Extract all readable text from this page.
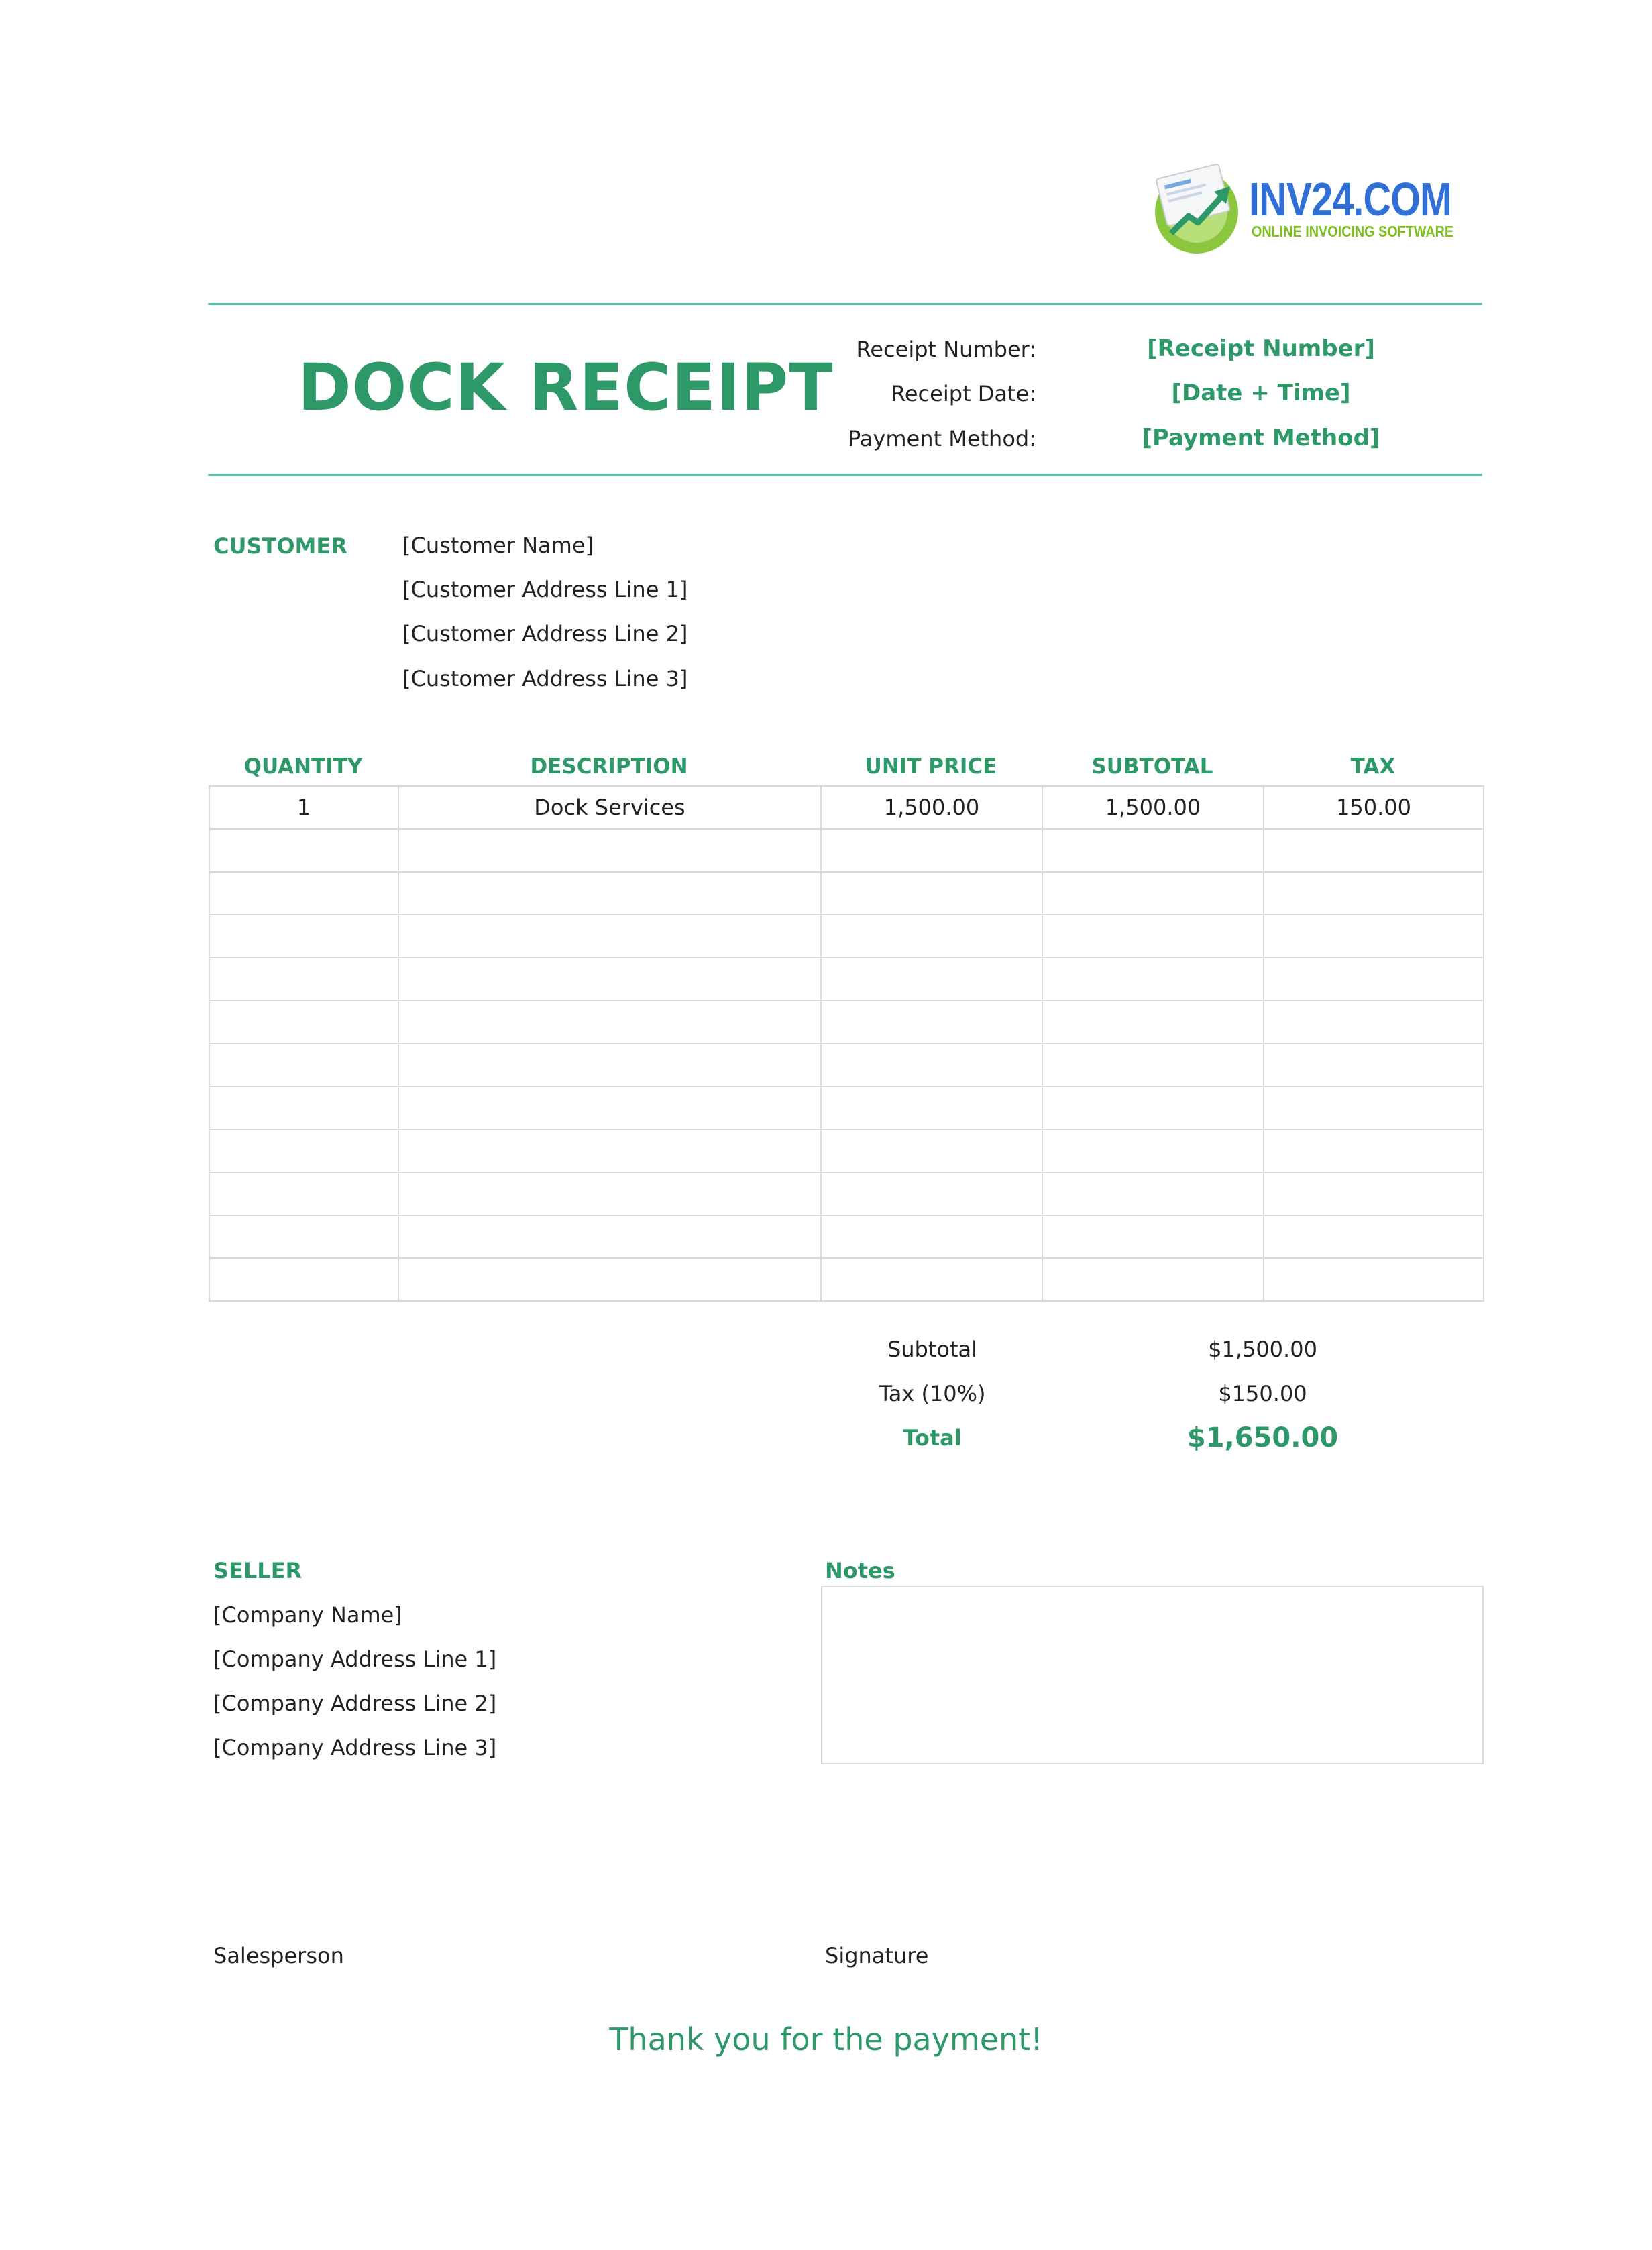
INV24.COM
ONLINE INVOICING SOFTWARE
DOCK RECEIPT
Receipt Number:	[Receipt Number]
Receipt Date:	[Date + Time]
Payment Method:	[Payment Method]
CUSTOMER	[Customer Name]
[Customer Address Line 1]
[Customer Address Line 2]
[Customer Address Line 3]
QUANTITY	DESCRIPTION	UNIT PRICE	SUBTOTAL	TAX
1	Dock Services	1,500.00	1,500.00	150.00

Subtotal	$1,500.00
Tax (10%)	$150.00
Total	$1,650.00
SELLER
[Company Name]
[Company Address Line 1]
[Company Address Line 2]
[Company Address Line 3]
Notes
Salesperson	Signature
Thank you for the payment!
